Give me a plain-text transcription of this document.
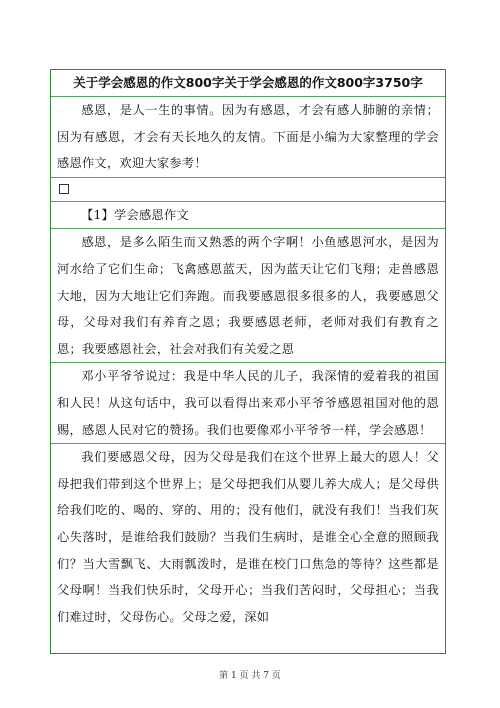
关于学会感恩的作文800字关于学会感恩的作文800字3750字
感恩，是人一生的事情。因为有感恩，才会有感人肺腑的亲情；因为有感恩，才会有天长地久的友情。下面是小编为大家整理的学会感恩作文，欢迎大家参考！
【1】学会感恩作文
感恩，是多么陌生而又熟悉的两个字啊！小鱼感恩河水，是因为河水给了它们生命；飞禽感恩蓝天，因为蓝天让它们飞翔；走兽感恩大地，因为大地让它们奔跑。而我要感恩很多很多的人，我要感恩父母，父母对我们有养育之恩；我要感恩老师，老师对我们有教育之恩；我要感恩社会，社会对我们有关爱之恩
邓小平爷爷说过：我是中华人民的儿子，我深情的爱着我的祖国和人民！从这句话中，我可以看得出来邓小平爷爷感恩祖国对他的恩赐，感恩人民对它的赞扬。我们也要像邓小平爷爷一样，学会感恩！
我们要感恩父母，因为父母是我们在这个世界上最大的恩人！父母把我们带到这个世界上；是父母把我们从婴儿养大成人；是父母供给我们吃的、喝的、穿的、用的；没有他们，就没有我们！当我们灰心失落时，是谁给我们鼓励？当我们生病时，是谁全心全意的照顾我们？当大雪飘飞、大雨瓢泼时，是谁在校门口焦急的等待？这些都是父母啊！当我们快乐时，父母开心；当我们苦闷时，父母担心；当我们难过时，父母伤心。父母之爱，深如
第 1 页 共 7 页
